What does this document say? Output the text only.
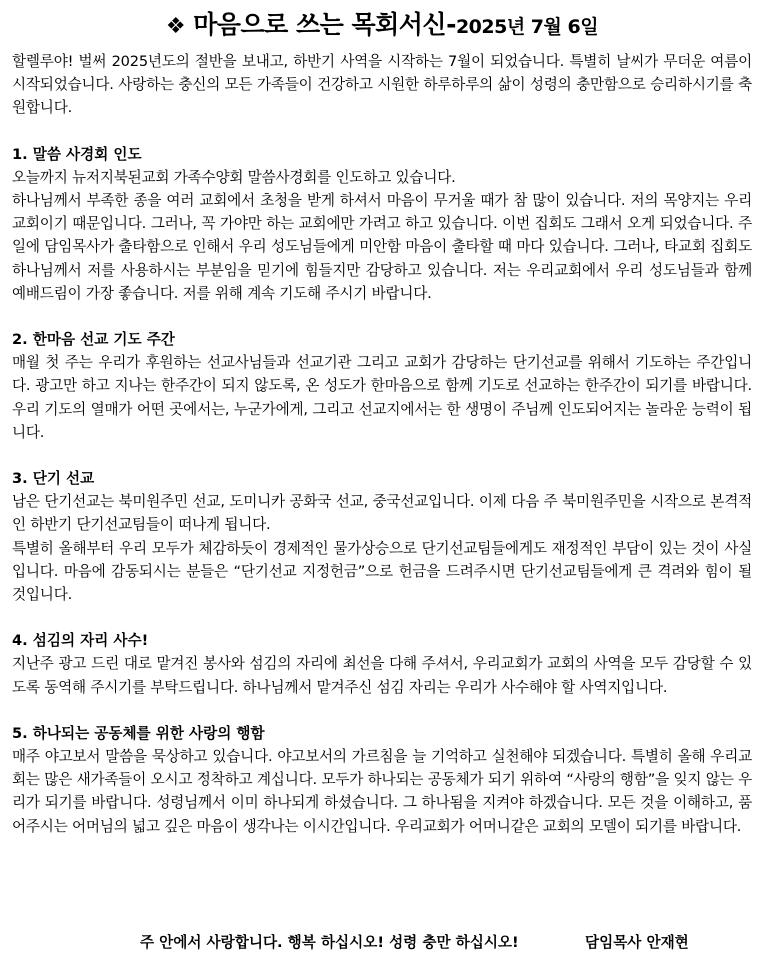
❖ 마음으로 쓰는 목회서신-2025년 7월 6일

할렐루야! 벌써 2025년도의 절반을 보내고, 하반기 사역을 시작하는 7월이 되었습니다. 특별히 날씨가 무더운 여름이 시작되었습니다. 사랑하는 충신의 모든 가족들이 건강하고 시원한 하루하루의 삶이 성령의 충만함으로 승리하시기를 축원합니다.

1. 말씀 사경회 인도

오늘까지 뉴저지북된교회 가족수양회 말씀사경회를 인도하고 있습니다.

하나님께서 부족한 종을 여러 교회에서 초청을 받게 하셔서 마음이 무거울 때가 참 많이 있습니다. 저의 목양지는 우리교회이기 때문입니다. 그러나, 꼭 가야만 하는 교회에만 가려고 하고 있습니다. 이번 집회도 그래서 오게 되었습니다. 주일에 담임목사가 출타함으로 인해서 우리 성도님들에게 미안함 마음이 출타할 때 마다 있습니다. 그러나, 타교회 집회도 하나님께서 저를 사용하시는 부분임을 믿기에 힘들지만 감당하고 있습니다. 저는 우리교회에서 우리 성도님들과 함께 예배드림이 가장 좋습니다. 저를 위해 계속 기도해 주시기 바랍니다.

2. 한마음 선교 기도 주간

매월 첫 주는 우리가 후원하는 선교사님들과 선교기관 그리고 교회가 감당하는 단기선교를 위해서 기도하는 주간입니다. 광고만 하고 지나는 한주간이 되지 않도록, 온 성도가 한마음으로 함께 기도로 선교하는 한주간이 되기를 바랍니다. 우리 기도의 열매가 어떤 곳에서는, 누군가에게, 그리고 선교지에서는 한 생명이 주님께 인도되어지는 놀라운 능력이 됩니다.

3. 단기 선교

남은 단기선교는 북미원주민 선교, 도미니카 공화국 선교, 중국선교입니다. 이제 다음 주 북미원주민을 시작으로 본격적인 하반기 단기선교팀들이 떠나게 됩니다.

특별히 올해부터 우리 모두가 체감하듯이 경제적인 물가상승으로 단기선교팀들에게도 재정적인 부담이 있는 것이 사실입니다. 마음에 감동되시는 분들은 “단기선교 지정헌금”으로 헌금을 드려주시면 단기선교팀들에게 큰 격려와 힘이 될 것입니다.

4. 섬김의 자리 사수!

지난주 광고 드린 대로 맡겨진 봉사와 섬김의 자리에 최선을 다해 주셔서, 우리교회가 교회의 사역을 모두 감당할 수 있도록 동역해 주시기를 부탁드립니다. 하나님께서 맡겨주신 섬김 자리는 우리가 사수해야 할 사역지입니다.

5. 하나되는 공동체를 위한 사랑의 행함

매주 야고보서 말씀을 묵상하고 있습니다. 야고보서의 가르침을 늘 기억하고 실천해야 되겠습니다. 특별히 올해 우리교회는 많은 새가족들이 오시고 정착하고 계십니다. 모두가 하나되는 공동체가 되기 위하여 “사랑의 행함”을 잊지 않는 우리가 되기를 바랍니다. 성령님께서 이미 하나되게 하셨습니다. 그 하나됨을 지켜야 하겠습니다. 모든 것을 이해하고, 품어주시는 어머님의 넓고 깊은 마음이 생각나는 이시간입니다. 우리교회가 어머니같은 교회의 모델이 되기를 바랍니다.

주 안에서 사랑합니다. 행복 하십시오! 성령 충만 하십시오!	담임목사 안재현
